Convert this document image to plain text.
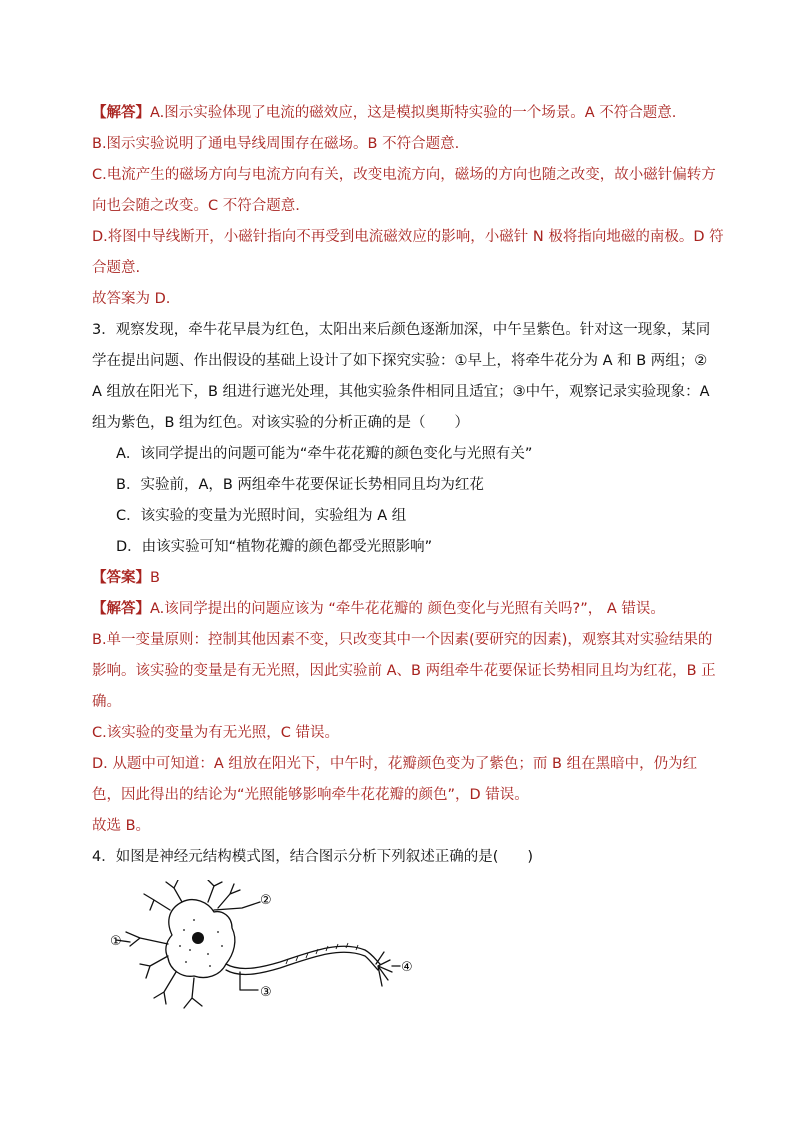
【解答】A.图示实验体现了电流的磁效应，这是模拟奥斯特实验的一个场景。A 不符合题意.
B.图示实验说明了通电导线周围存在磁场。B 不符合题意.
C.电流产生的磁场方向与电流方向有关，改变电流方向，磁场的方向也随之改变，故小磁针偏转方
向也会随之改变。C 不符合题意.
D.将图中导线断开，小磁针指向不再受到电流磁效应的影响，小磁针 N 极将指向地磁的南极。D 符
合题意.
故答案为 D.
3．观察发现，牵牛花早晨为红色，太阳出来后颜色逐渐加深，中午呈紫色。针对这一现象，某同
学在提出问题、作出假设的基础上设计了如下探究实验：①早上，将牵牛花分为 A 和 B 两组；②
A 组放在阳光下，B 组进行遮光处理，其他实验条件相同且适宜；③中午，观察记录实验现象：A
组为紫色，B 组为红色。对该实验的分析正确的是（　　）
A．该同学提出的问题可能为“牵牛花花瓣的颜色变化与光照有关”
B．实验前，A，B 两组牵牛花要保证长势相同且均为红花
C．该实验的变量为光照时间，实验组为 A 组
D．由该实验可知“植物花瓣的颜色都受光照影响”
【答案】B
【解答】A.该同学提出的问题应该为 “牵牛花花瓣的 颜色变化与光照有关吗?”， A 错误。
B.单一变量原则：控制其他因素不变，只改变其中一个因素(要研究的因素)，观察其对实验结果的
影响。该实验的变量是有无光照，因此实验前 A、B 两组牵牛花要保证长势相同且均为红花，B 正
确。
C.该实验的变量为有无光照，C 错误。
D. 从题中可知道：A 组放在阳光下，中午时，花瓣颜色变为了紫色；而 B 组在黑暗中，仍为红
色，因此得出的结论为“光照能够影响牵牛花花瓣的颜色”，D 错误。
故选 B。
4．如图是神经元结构模式图，结合图示分析下列叙述正确的是(　　)
①
②
③
④
